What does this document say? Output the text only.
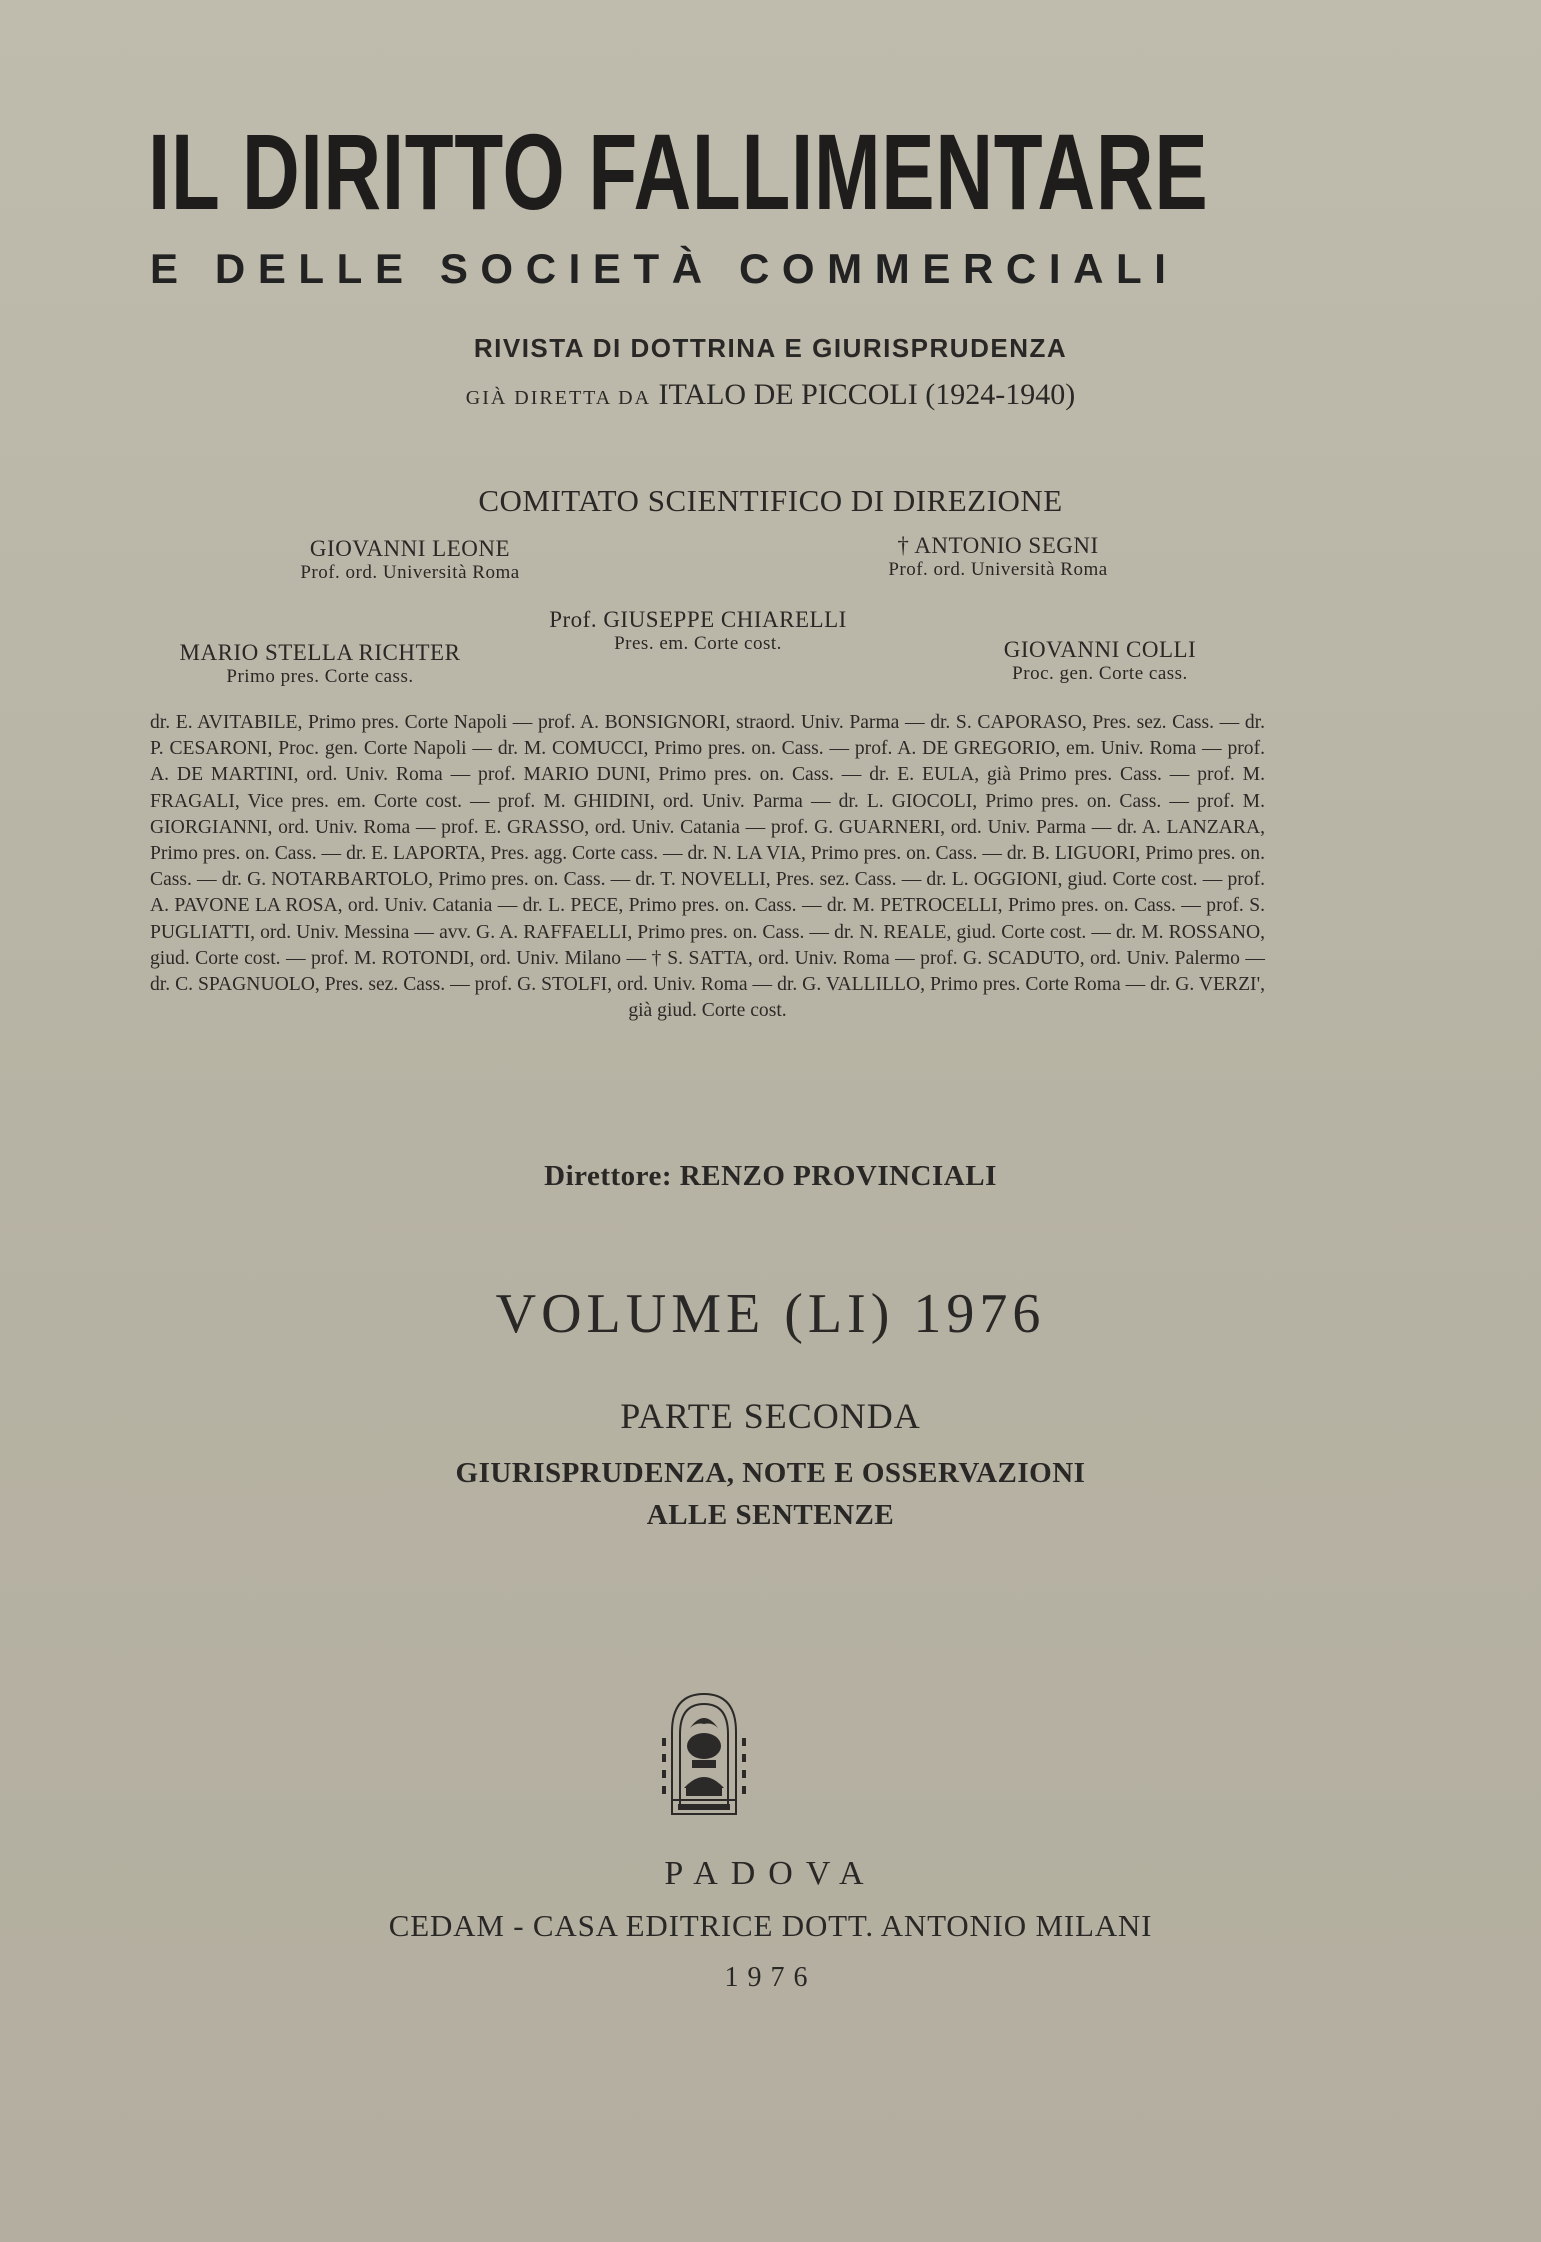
IL DIRITTO FALLIMENTARE
E DELLE SOCIETÀ COMMERCIALI
RIVISTA DI DOTTRINA E GIURISPRUDENZA
GIÀ DIRETTA DA ITALO DE PICCOLI (1924-1940)
COMITATO SCIENTIFICO DI DIREZIONE
GIOVANNI LEONE
Prof. ord. Università Roma
† ANTONIO SEGNI
Prof. ord. Università Roma
Prof. GIUSEPPE CHIARELLI
Pres. em. Corte cost.
MARIO STELLA RICHTER
Primo pres. Corte cass.
GIOVANNI COLLI
Proc. gen. Corte cass.

dr. E. AVITABILE, Primo pres. Corte Napoli — prof. A. BONSIGNORI, straord. Univ. Parma — dr. S. CAPORASO, Pres. sez. Cass. — dr. P. CESARONI, Proc. gen. Corte Napoli — dr. M. COMUCCI, Primo pres. on. Cass. — prof. A. DE GREGORIO, em. Univ. Roma — prof. A. DE MARTINI, ord. Univ. Roma — prof. MARIO DUNI, Primo pres. on. Cass. — dr. E. EULA, già Primo pres. Cass. — prof. M. FRAGALI, Vice pres. em. Corte cost. — prof. M. GHIDINI, ord. Univ. Parma — dr. L. GIOCOLI, Primo pres. on. Cass. — prof. M. GIORGIANNI, ord. Univ. Roma — prof. E. GRASSO, ord. Univ. Catania — prof. G. GUARNERI, ord. Univ. Parma — dr. A. LANZARA, Primo pres. on. Cass. — dr. E. LAPORTA, Pres. agg. Corte cass. — dr. N. LA VIA, Primo pres. on. Cass. — dr. B. LIGUORI, Primo pres. on. Cass. — dr. G. NOTARBARTOLO, Primo pres. on. Cass. — dr. T. NOVELLI, Pres. sez. Cass. — dr. L. OGGIONI, giud. Corte cost. — prof. A. PAVONE LA ROSA, ord. Univ. Catania — dr. L. PECE, Primo pres. on. Cass. — dr. M. PETROCELLI, Primo pres. on. Cass. — prof. S. PUGLIATTI, ord. Univ. Messina — avv. G. A. RAFFAELLI, Primo pres. on. Cass. — dr. N. REALE, giud. Corte cost. — dr. M. ROSSANO, giud. Corte cost. — prof. M. ROTONDI, ord. Univ. Milano — † S. SATTA, ord. Univ. Roma — prof. G. SCADUTO, ord. Univ. Palermo — dr. C. SPAGNUOLO, Pres. sez. Cass. — prof. G. STOLFI, ord. Univ. Roma — dr. G. VALLILLO, Primo pres. Corte Roma — dr. G. VERZI', già giud. Corte cost.

Direttore: RENZO PROVINCIALI
VOLUME (LI) 1976
PARTE SECONDA
GIURISPRUDENZA, NOTE E OSSERVAZIONI
ALLE SENTENZE
PADOVA
CEDAM - CASA EDITRICE DOTT. ANTONIO MILANI
1976
